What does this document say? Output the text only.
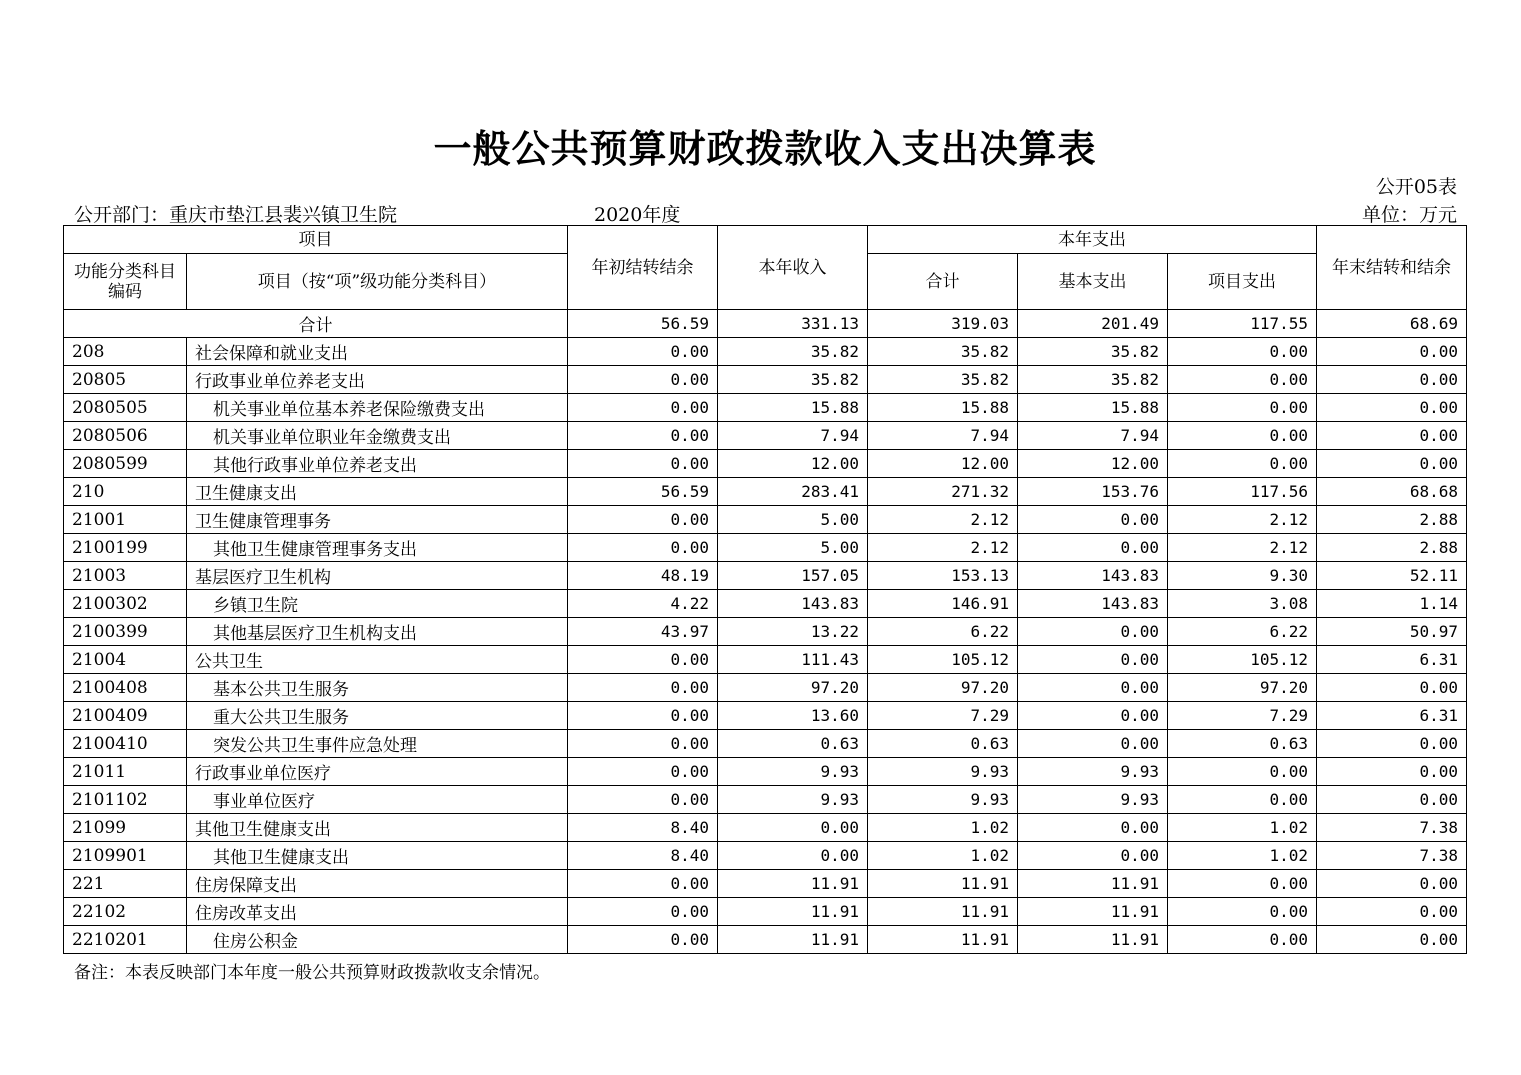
一般公共预算财政拨款收入支出决算表
公开05表
公开部门：重庆市垫江县裴兴镇卫生院	2020年度	单位：万元
项目		年初结转结余	本年收入	本年支出			年末结转和结余
功能分类科目编码	项目（按“项”级功能分类科目）			合计	基本支出	项目支出	
合计		56.59	331.13	319.03	201.49	117.55	68.69
208	社会保障和就业支出	0.00	35.82	35.82	35.82	0.00	0.00
20805	行政事业单位养老支出	0.00	35.82	35.82	35.82	0.00	0.00
2080505	机关事业单位基本养老保险缴费支出	0.00	15.88	15.88	15.88	0.00	0.00
2080506	机关事业单位职业年金缴费支出	0.00	7.94	7.94	7.94	0.00	0.00
2080599	其他行政事业单位养老支出	0.00	12.00	12.00	12.00	0.00	0.00
210	卫生健康支出	56.59	283.41	271.32	153.76	117.56	68.68
21001	卫生健康管理事务	0.00	5.00	2.12	0.00	2.12	2.88
2100199	其他卫生健康管理事务支出	0.00	5.00	2.12	0.00	2.12	2.88
21003	基层医疗卫生机构	48.19	157.05	153.13	143.83	9.30	52.11
2100302	乡镇卫生院	4.22	143.83	146.91	143.83	3.08	1.14
2100399	其他基层医疗卫生机构支出	43.97	13.22	6.22	0.00	6.22	50.97
21004	公共卫生	0.00	111.43	105.12	0.00	105.12	6.31
2100408	基本公共卫生服务	0.00	97.20	97.20	0.00	97.20	0.00
2100409	重大公共卫生服务	0.00	13.60	7.29	0.00	7.29	6.31
2100410	突发公共卫生事件应急处理	0.00	0.63	0.63	0.00	0.63	0.00
21011	行政事业单位医疗	0.00	9.93	9.93	9.93	0.00	0.00
2101102	事业单位医疗	0.00	9.93	9.93	9.93	0.00	0.00
21099	其他卫生健康支出	8.40	0.00	1.02	0.00	1.02	7.38
2109901	其他卫生健康支出	8.40	0.00	1.02	0.00	1.02	7.38
221	住房保障支出	0.00	11.91	11.91	11.91	0.00	0.00
22102	住房改革支出	0.00	11.91	11.91	11.91	0.00	0.00
2210201	住房公积金	0.00	11.91	11.91	11.91	0.00	0.00
备注：本表反映部门本年度一般公共预算财政拨款收支余情况。
